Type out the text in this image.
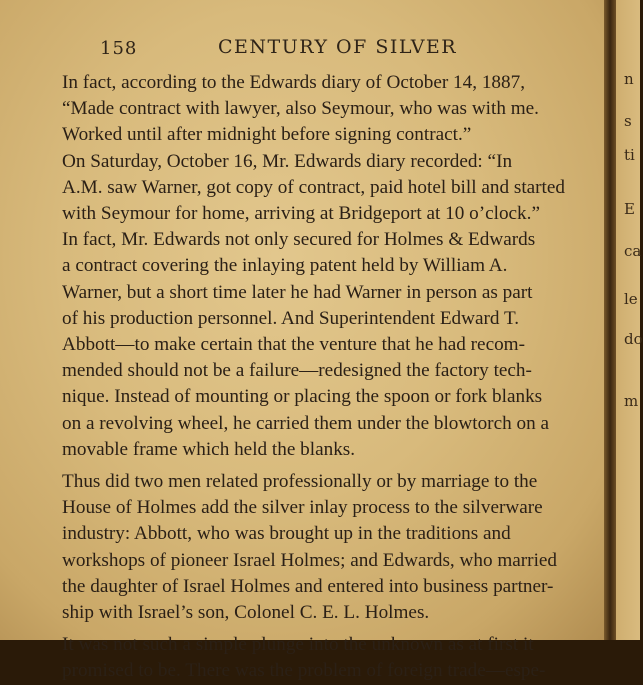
158	CENTURY OF SILVER
In fact, according to the Edwards diary of October 14, 1887,
“Made contract with lawyer, also Seymour, who was with me.
Worked until after midnight before signing contract.”
On Saturday, October 16, Mr. Edwards diary recorded: “In
A.M. saw Warner, got copy of contract, paid hotel bill and started
with Seymour for home, arriving at Bridgeport at 10 o’clock.”
In fact, Mr. Edwards not only secured for Holmes & Edwards
a contract covering the inlaying patent held by William A.
Warner, but a short time later he had Warner in person as part
of his production personnel. And Superintendent Edward T.
Abbott—to make certain that the venture that he had recom-
mended should not be a failure—redesigned the factory tech-
nique. Instead of mounting or placing the spoon or fork blanks
on a revolving wheel, he carried them under the blowtorch on a
movable frame which held the blanks.
Thus did two men related professionally or by marriage to the
House of Holmes add the silver inlay process to the silverware
industry: Abbott, who was brought up in the traditions and
workshops of pioneer Israel Holmes; and Edwards, who married
the daughter of Israel Holmes and entered into business partner-
ship with Israel’s son, Colonel C. E. L. Holmes.
It was not such a simple plunge into the unknown as at first it
promised to be. There was the problem of foreign trade—espe-
n
s
ti
E
ca
le
do
m
